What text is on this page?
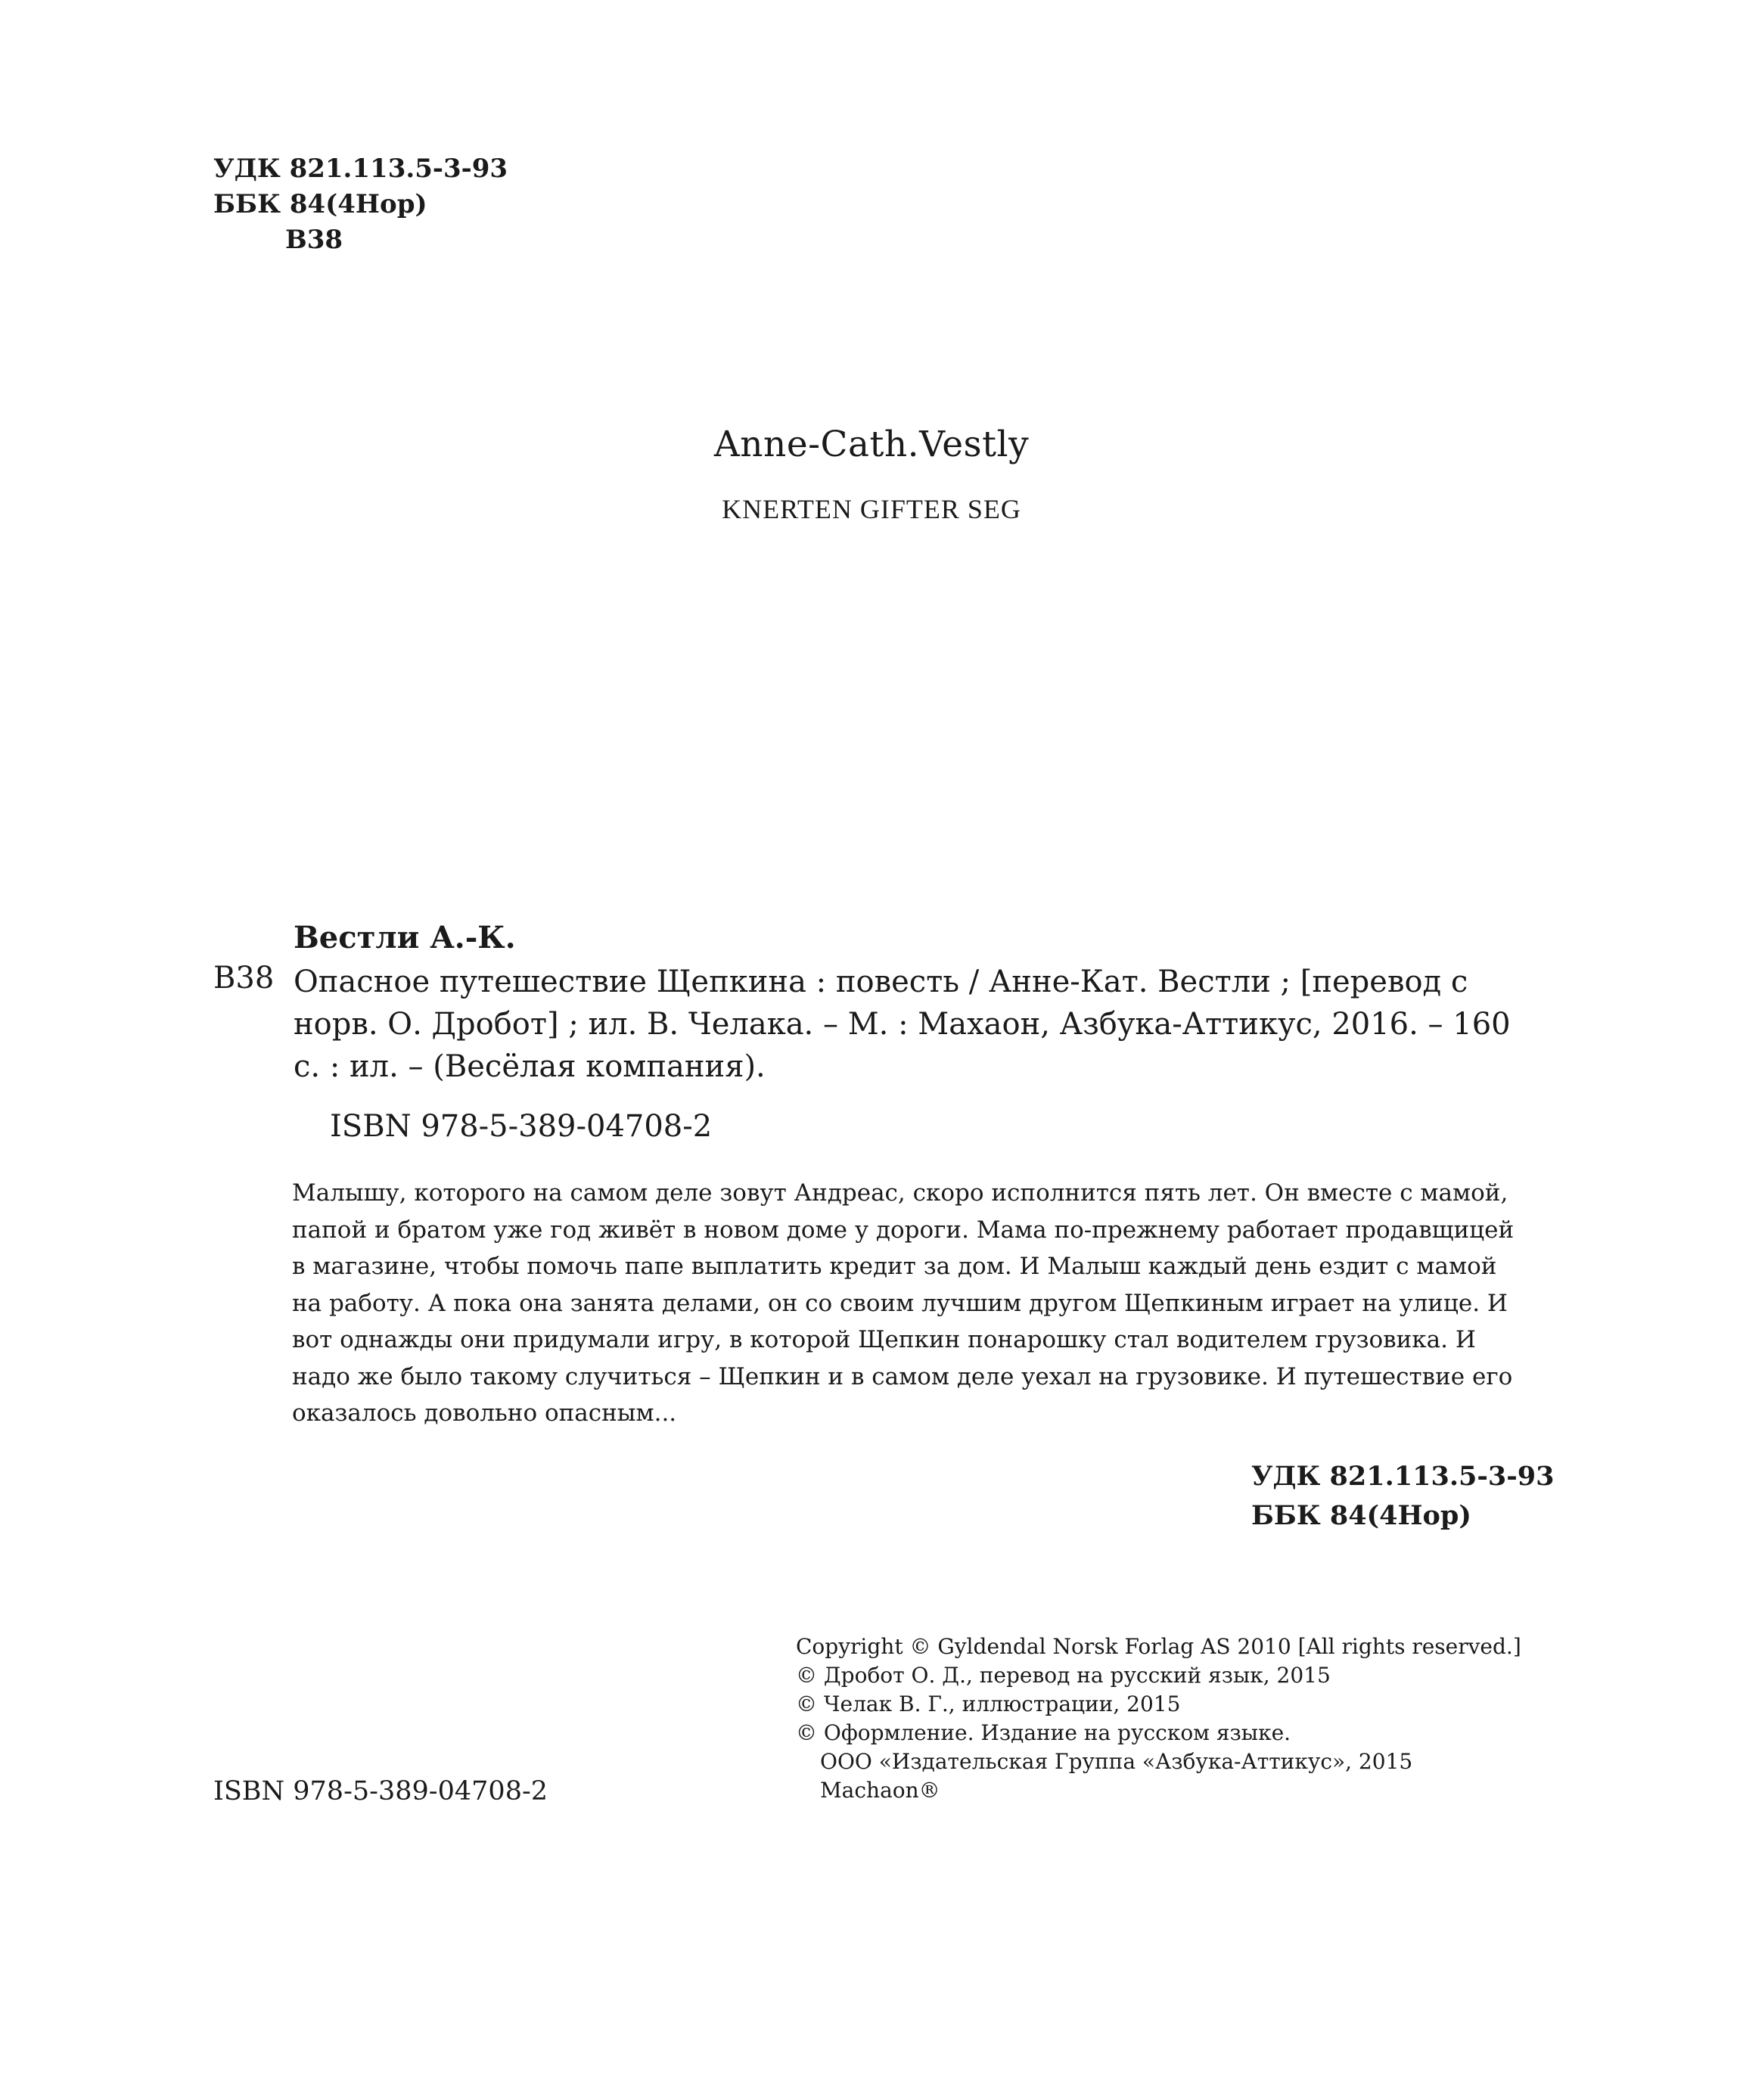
УДК 821.113.5-3-93
ББК 84(4Нор)
В38
Anne-Cath.Vestly
KNERTEN GIFTER SEG
Вестли А.-К.
В38 Опасное путешествие Щепкина : повесть / Анне-Кат. Вестли ; [перевод с норв. О. Дробот] ; ил. В. Челака. – М. : Махаон, Азбука-Аттикус, 2016. – 160 с. : ил. – (Весёлая компания).
ISBN 978-5-389-04708-2
Малышу, которого на самом деле зовут Андреас, скоро исполнится пять лет. Он вместе с мамой, папой и братом уже год живёт в новом доме у дороги. Мама по-прежнему работает продавщицей в магазине, чтобы помочь папе выплатить кредит за дом. И Малыш каждый день ездит с мамой на работу. А пока она занята делами, он со своим лучшим другом Щепкиным играет на улице. И вот однажды они придумали игру, в которой Щепкин понарошку стал водителем грузовика. И надо же было такому случиться – Щепкин и в самом деле уехал на грузовике. И путешествие его оказалось довольно опасным...
УДК 821.113.5-3-93
ББК 84(4Нор)
Copyright © Gyldendal Norsk Forlag AS 2010 [All rights reserved.]
© Дробот О. Д., перевод на русский язык, 2015
© Челак В. Г., иллюстрации, 2015
© Оформление. Издание на русском языке.
ООО «Издательская Группа «Азбука-Аттикус», 2015
Machaon®
ISBN 978-5-389-04708-2
